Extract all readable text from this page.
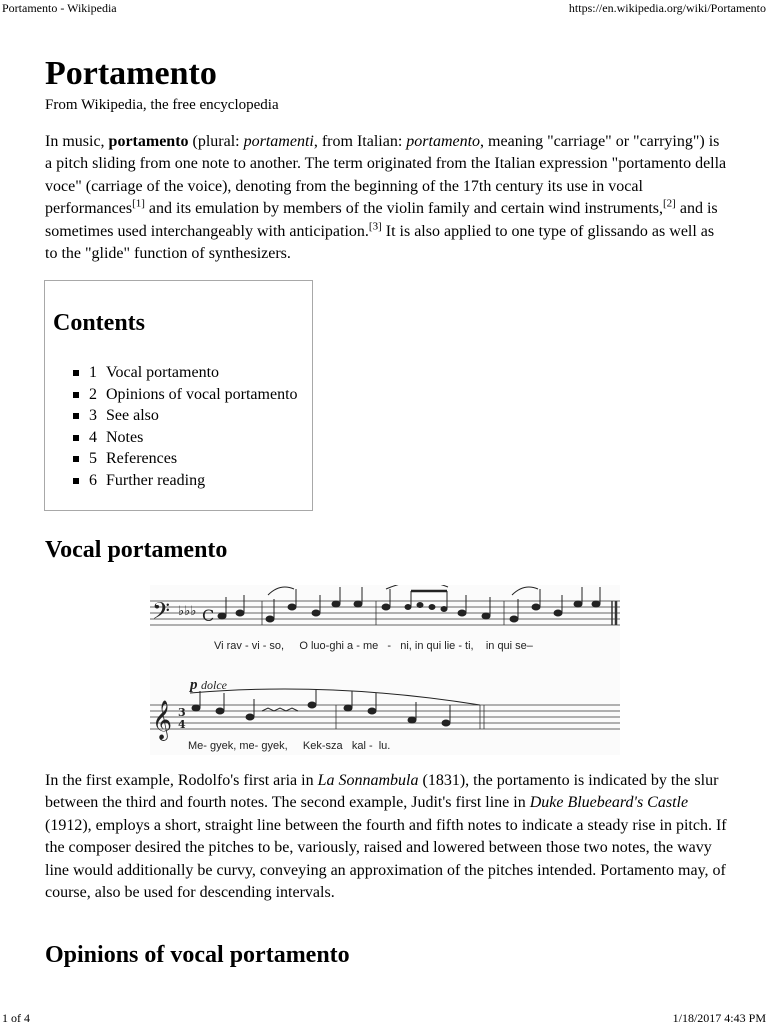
Portamento - Wikipedia	https://en.wikipedia.org/wiki/Portamento
Portamento
From Wikipedia, the free encyclopedia

In music, portamento (plural: portamenti, from Italian: portamento, meaning "carriage" or "carrying") is a pitch sliding from one note to another. The term originated from the Italian expression "portamento della voce" (carriage of the voice), denoting from the beginning of the 17th century its use in vocal performances[1] and its emulation by members of the violin family and certain wind instruments,[2] and is sometimes used interchangeably with anticipation.[3] It is also applied to one type of glissando as well as to the "glide" function of synthesizers.

Contents
1 Vocal portamento
2 Opinions of vocal portamento
3 See also
4 Notes
5 References
6 Further reading
Vocal portamento
𝄢 ♭♭♭ C
Vi rav - vi - so,     O luo-ghi a - me   -   ni, in qui lie - ti,    in qui se–
p dolce
𝄞 3
4
Me- gyek, me- gyek,     Kek-sza   kal -  lu.

In the first example, Rodolfo's first aria in La Sonnambula (1831), the portamento is indicated by the slur between the third and fourth notes. The second example, Judit's first line in Duke Bluebeard's Castle (1912), employs a short, straight line between the fourth and fifth notes to indicate a steady rise in pitch. If the composer desired the pitches to be, variously, raised and lowered between those two notes, the wavy line would additionally be curvy, conveying an approximation of the pitches intended. Portamento may, of course, also be used for descending intervals.

Opinions of vocal portamento
1 of 4	1/18/2017 4:43 PM
